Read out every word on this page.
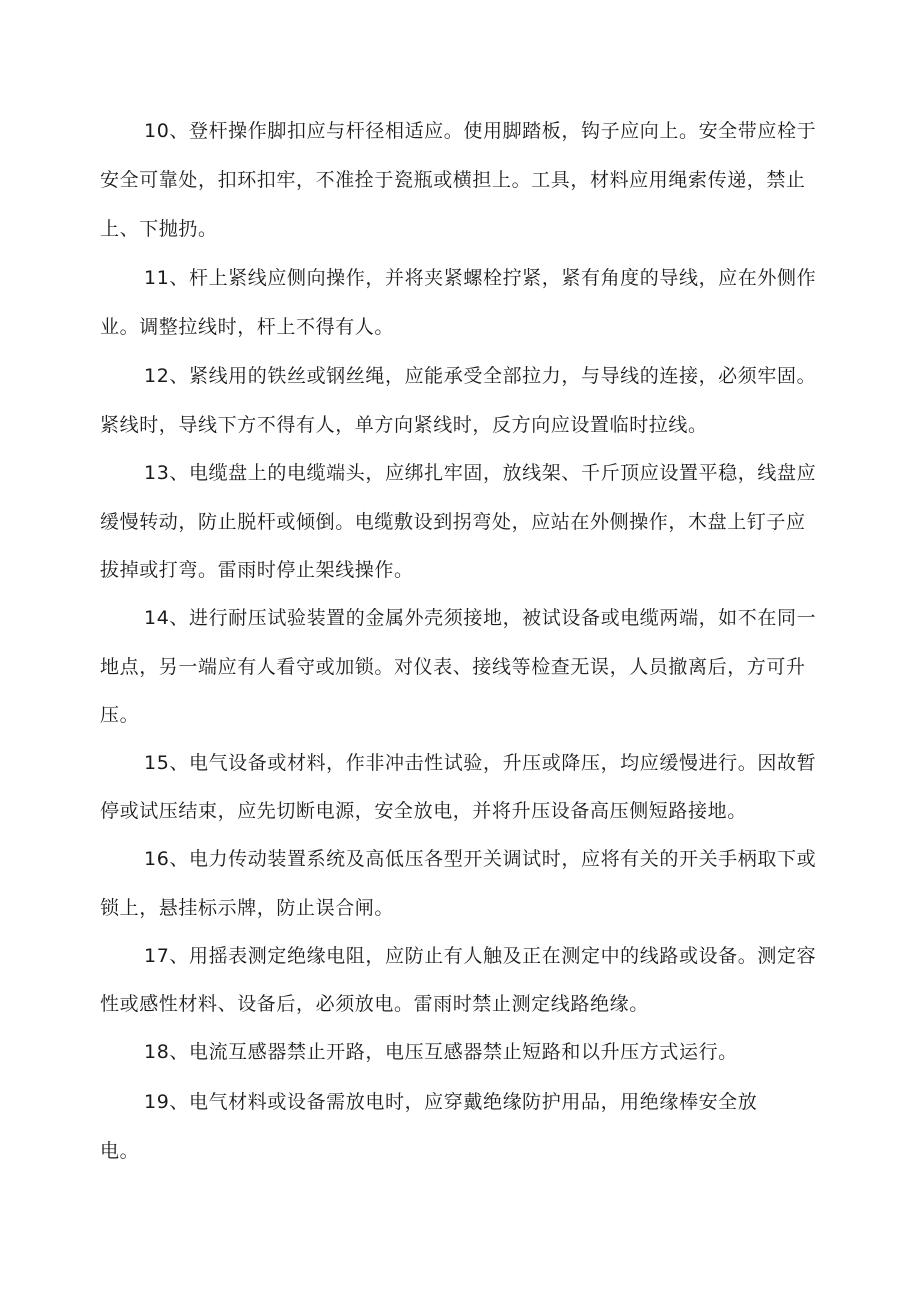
10、登杆操作脚扣应与杆径相适应。使用脚踏板，钩子应向上。安全带应栓于
安全可靠处，扣环扣牢，不准拴于瓷瓶或横担上。工具，材料应用绳索传递，禁止
上、下抛扔。
11、杆上紧线应侧向操作，并将夹紧螺栓拧紧，紧有角度的导线，应在外侧作
业。调整拉线时，杆上不得有人。
12、紧线用的铁丝或钢丝绳，应能承受全部拉力，与导线的连接，必须牢固。
紧线时，导线下方不得有人，单方向紧线时，反方向应设置临时拉线。
13、电缆盘上的电缆端头，应绑扎牢固，放线架、千斤顶应设置平稳，线盘应
缓慢转动，防止脱杆或倾倒。电缆敷设到拐弯处，应站在外侧操作，木盘上钉子应
拔掉或打弯。雷雨时停止架线操作。
14、进行耐压试验装置的金属外壳须接地，被试设备或电缆两端，如不在同一
地点，另一端应有人看守或加锁。对仪表、接线等检查无误，人员撤离后，方可升
压。
15、电气设备或材料，作非冲击性试验，升压或降压，均应缓慢进行。因故暂
停或试压结束，应先切断电源，安全放电，并将升压设备高压侧短路接地。
16、电力传动装置系统及高低压各型开关调试时，应将有关的开关手柄取下或
锁上，悬挂标示牌，防止误合闸。
17、用摇表测定绝缘电阻，应防止有人触及正在测定中的线路或设备。测定容
性或感性材料、设备后，必须放电。雷雨时禁止测定线路绝缘。
18、电流互感器禁止开路，电压互感器禁止短路和以升压方式运行。
19、电气材料或设备需放电时，应穿戴绝缘防护用品，用绝缘棒安全放
电。
